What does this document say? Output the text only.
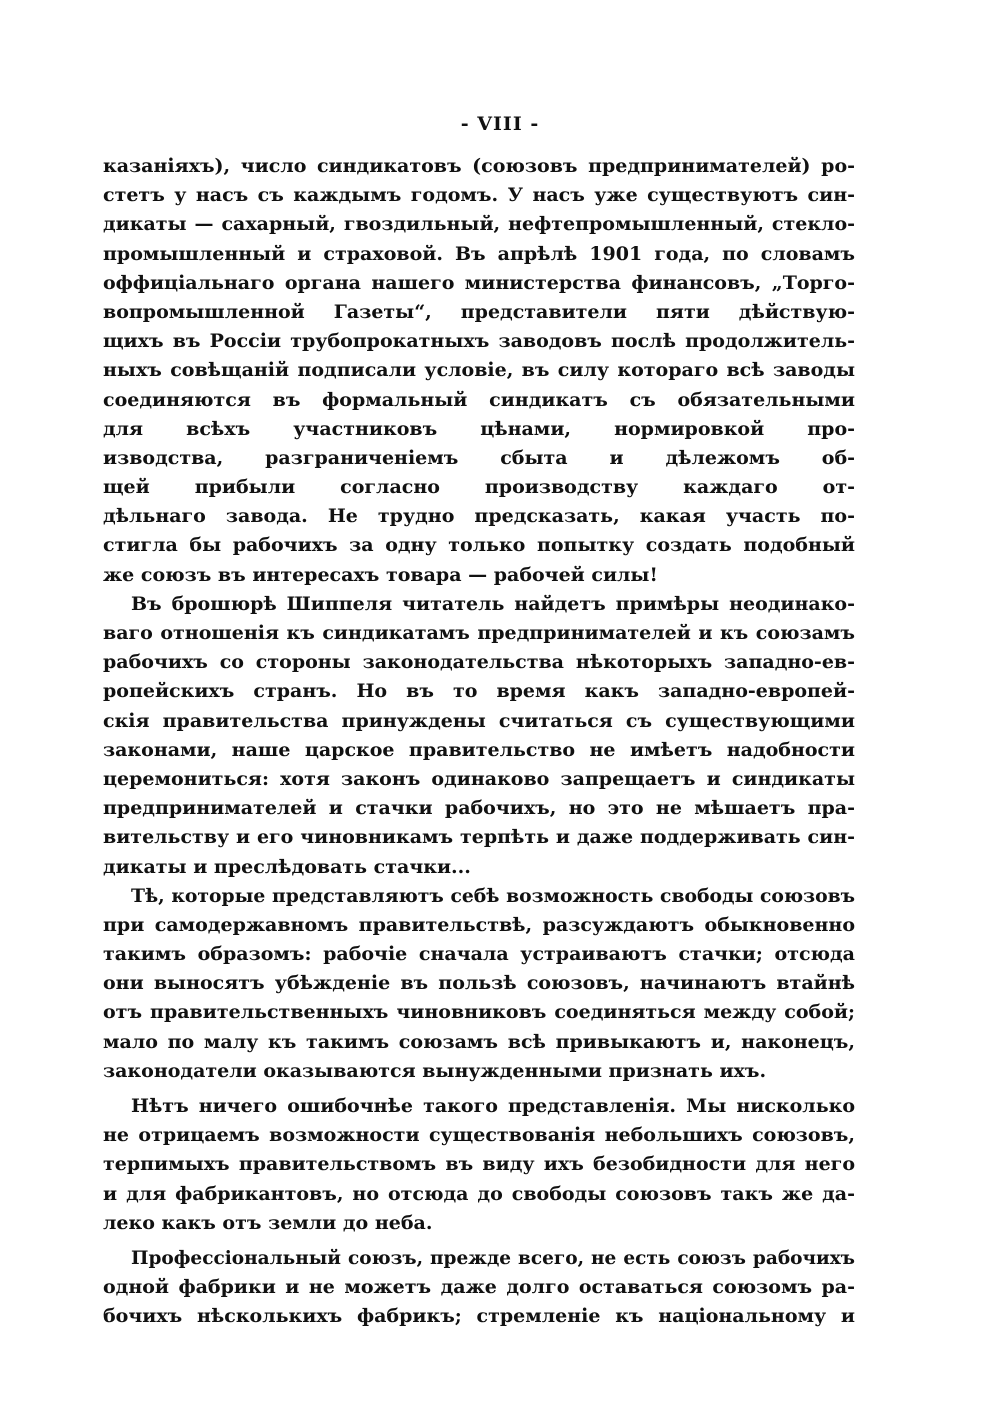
- VIII -
казаніяхъ), число синдикатовъ (союзовъ предпринимателей) ро-
стетъ у насъ съ каждымъ годомъ. У насъ уже существуютъ син-
дикаты — сахарный, гвоздильный, нефтепромышленный, стекло-
промышленный и страховой. Въ апрѣлѣ 1901 года, по словамъ
оффиціальнаго органа нашего министерства финансовъ, „Торго-
вопромышленной Газеты“, представители пяти дѣйствую-
щихъ въ Россіи трубопрокатныхъ заводовъ послѣ продолжитель-
ныхъ совѣщаній подписали условіе, въ силу котораго всѣ заводы
соединяются въ формальный синдикатъ съ обязательными
для всѣхъ участниковъ цѣнами, нормировкой про-
изводства, разграниченіемъ сбыта и дѣлежомъ об-
щей прибыли согласно производству каждаго от-
дѣльнаго завода. Не трудно предсказать, какая участь по-
стигла бы рабочихъ за одну только попытку создать подобный
же союзъ въ интересахъ товара — рабочей силы!
Въ брошюрѣ Шиппеля читатель найдетъ примѣры неодинако-
ваго отношенія къ синдикатамъ предпринимателей и къ союзамъ
рабочихъ со стороны законодательства нѣкоторыхъ западно-ев-
ропейскихъ странъ. Но въ то время какъ западно-европей-
скія правительства принуждены считаться съ существующими
законами, наше царское правительство не имѣетъ надобности
церемониться: хотя законъ одинаково запрещаетъ и синдикаты
предпринимателей и стачки рабочихъ, но это не мѣшаетъ пра-
вительству и его чиновникамъ терпѣть и даже поддерживать син-
дикаты и преслѣдовать стачки...
Тѣ, которые представляютъ себѣ возможность свободы союзовъ
при самодержавномъ правительствѣ, разсуждаютъ обыкновенно
такимъ образомъ: рабочіе сначала устраиваютъ стачки; отсюда
они выносятъ убѣжденіе въ пользѣ союзовъ, начинаютъ втайнѣ
отъ правительственныхъ чиновниковъ соединяться между собой;
мало по малу къ такимъ союзамъ всѣ привыкаютъ и, наконецъ,
законодатели оказываются вынужденными признать ихъ.
Нѣтъ ничего ошибочнѣе такого представленія. Мы нисколько
не отрицаемъ возможности существованія небольшихъ союзовъ,
терпимыхъ правительствомъ въ виду ихъ безобидности для него
и для фабрикантовъ, но отсюда до свободы союзовъ такъ же да-
леко какъ отъ земли до неба.
Профессіональный союзъ, прежде всего, не есть союзъ рабочихъ
одной фабрики и не можетъ даже долго оставаться союзомъ ра-
бочихъ нѣсколькихъ фабрикъ; стремленіе къ національному и
